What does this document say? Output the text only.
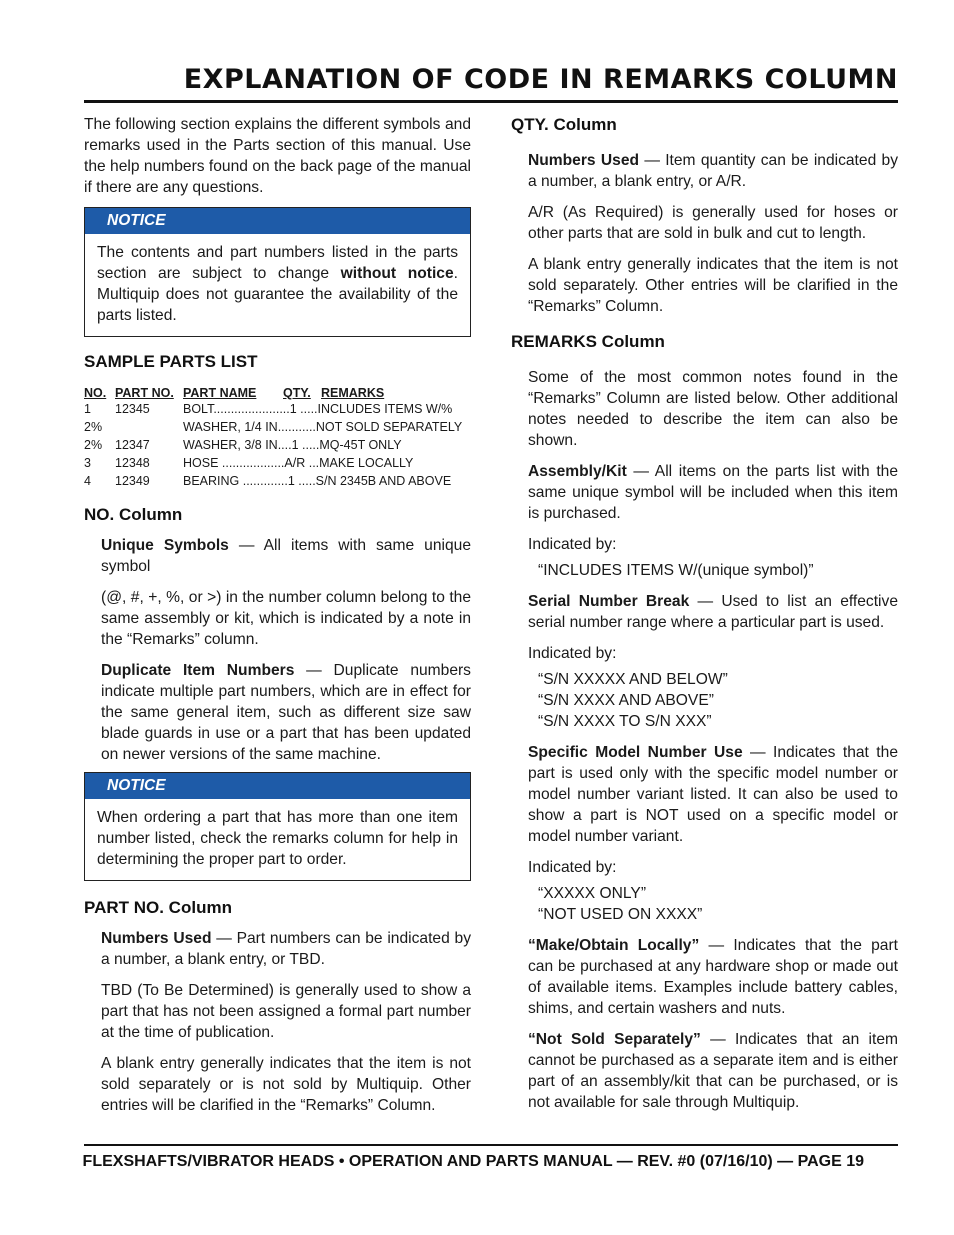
EXPLANATION OF CODE IN REMARKS COLUMN

The following section explains the different symbols and remarks used in the Parts section of this manual. Use the help numbers found on the back page of the manual if there are any questions.

NOTICE

The contents and part numbers listed in the parts section are subject to change without notice. Multiquip does not guarantee the availability of the parts listed.

SAMPLE PARTS LIST
NO.	PART NO.	PART NAME	QTY.	REMARKS
1	12345	BOLT......................1 .....INCLUDES ITEMS W/%		
2%		WASHER, 1/4 IN...........NOT SOLD SEPARATELY		
2%	12347	WASHER, 3/8 IN....1 .....MQ-45T ONLY		
3	12348	HOSE ..................A/R ...MAKE LOCALLY		
4	12349	BEARING .............1 .....S/N 2345B AND ABOVE		
NO. Column

Unique Symbols — All items with same unique symbol

(@, #, +, %, or >) in the number column belong to the same assembly or kit, which is indicated by a note in the “Remarks” column.

Duplicate Item Numbers — Duplicate numbers indicate multiple part numbers, which are in effect for the same general item, such as different size saw blade guards in use or a part that has been updated on newer versions of the same machine.

NOTICE

When ordering a part that has more than one item number listed, check the remarks column for help in determining the proper part to order.

PART NO. Column

Numbers Used — Part numbers can be indicated by a number, a blank entry, or TBD.

TBD (To Be Determined) is generally used to show a part that has not been assigned a formal part number at the time of publication.

A blank entry generally indicates that the item is not sold separately or is not sold by Multiquip. Other entries will be clarified in the “Remarks” Column.

QTY. Column

Numbers Used — Item quantity can be indicated by a number, a blank entry, or A/R.

A/R (As Required) is generally used for hoses or other parts that are sold in bulk and cut to length.

A blank entry generally indicates that the item is not sold separately. Other entries will be clarified in the “Remarks” Column.

REMARKS Column

Some of the most common notes found in the “Remarks” Column are listed below. Other additional notes needed to describe the item can also be shown.

Assembly/Kit — All items on the parts list with the same unique symbol will be included when this item is purchased.

Indicated by:

“INCLUDES ITEMS W/(unique symbol)”

Serial Number Break — Used to list an effective serial number range where a particular part is used.

Indicated by:

“S/N XXXXX AND BELOW”

“S/N XXXX AND ABOVE”

“S/N XXXX TO S/N XXX”

Specific Model Number Use — Indicates that the part is used only with the specific model number or model number variant listed. It can also be used to show a part is NOT used on a specific model or model number variant.

Indicated by:

“XXXXX ONLY”

“NOT USED ON XXXX”

“Make/Obtain Locally” — Indicates that the part can be purchased at any hardware shop or made out of available items. Examples include battery cables, shims, and certain washers and nuts.

“Not Sold Separately” — Indicates that an item cannot be purchased as a separate item and is either part of an assembly/kit that can be purchased, or is not available for sale through Multiquip.

FLEXSHAFTS/VIBRATOR HEADS • OPERATION AND PARTS MANUAL — REV. #0 (07/16/10) — PAGE 19
